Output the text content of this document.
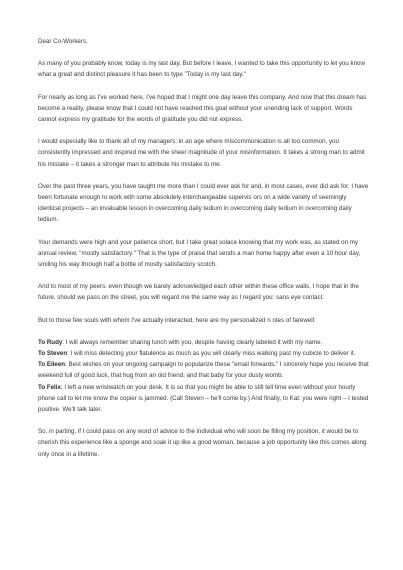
Dear Co-Workers,

As many of you probably know, today is my last day. But before I leave, I wanted to take this opportunity to let you know what a great and distinct pleasure it has been to type "Today is my last day."

For nearly as long as I've worked here, I've hoped that I might one day leave this company. And now that this dream has become a reality, please know that I could not have reached this goal without your unending lack of support. Words cannot express my gratitude for the words of gratitude you did not express.

I would especially like to thank all of my managers: in an age where miscommunication is all too common, you consistently impressed and inspired me with the sheer magnitude of your misinformation. It takes a strong man to admit his mistake – it takes a stronger man to attribute his mistake to me.

Over the past three years, you have taught me more than I could ever ask for and, in most cases, ever did ask for. I have been fortunate enough to work with some absolutely interchangeable supervis ors on a wide variety of seemingly identical projects – an invaluable lesson in overcoming daily tedium in overcoming daily tedium in overcoming daily tedium.

Your demands were high and your patience short, but I take great solace knowing that my work was, as stated on my annual review, "mostly satisfactory." That is the type of praise that sends a man home happy after even a 10 hour day, smiling his way through half a bottle of mostly satisfactory scotch.

And to most of my peers: even though we barely acknowledged each other within these office walls, I hope that in the future, should we pass on the street, you will regard me the same way as I regard you: sans eye contact.

But to those few souls with whom I've actually interacted, here are my personalized n otes of farewell:

To Rudy: I will always remember sharing lunch with you, despite having clearly labeled it with my name.

To Steven: I will miss detecting your flatulence as much as you will clearly miss walking past my cubicle to deliver it.

To Eileen: Best wishes on your ongoing campaign to popularize these "email forwards." I sincerely hope you receive that weekend full of good luck, that hug from an old friend, and that baby for your dusty womb.

To Felix: I left a new wristwatch on your desk. It is so that you might be able to still tell time even without your hourly phone call to let me know the copier is jammed. (Call Steven – he'll come by.) And finally, to Kat: you were right – I tested positive. We'll talk later.

So, in parting, if I could pass on any word of advice to the individual who will soon be filling my position, it would be to cherish this experience like a sponge and soak it up like a good woman, because a job opportunity like this comes along only once in a lifetime.
